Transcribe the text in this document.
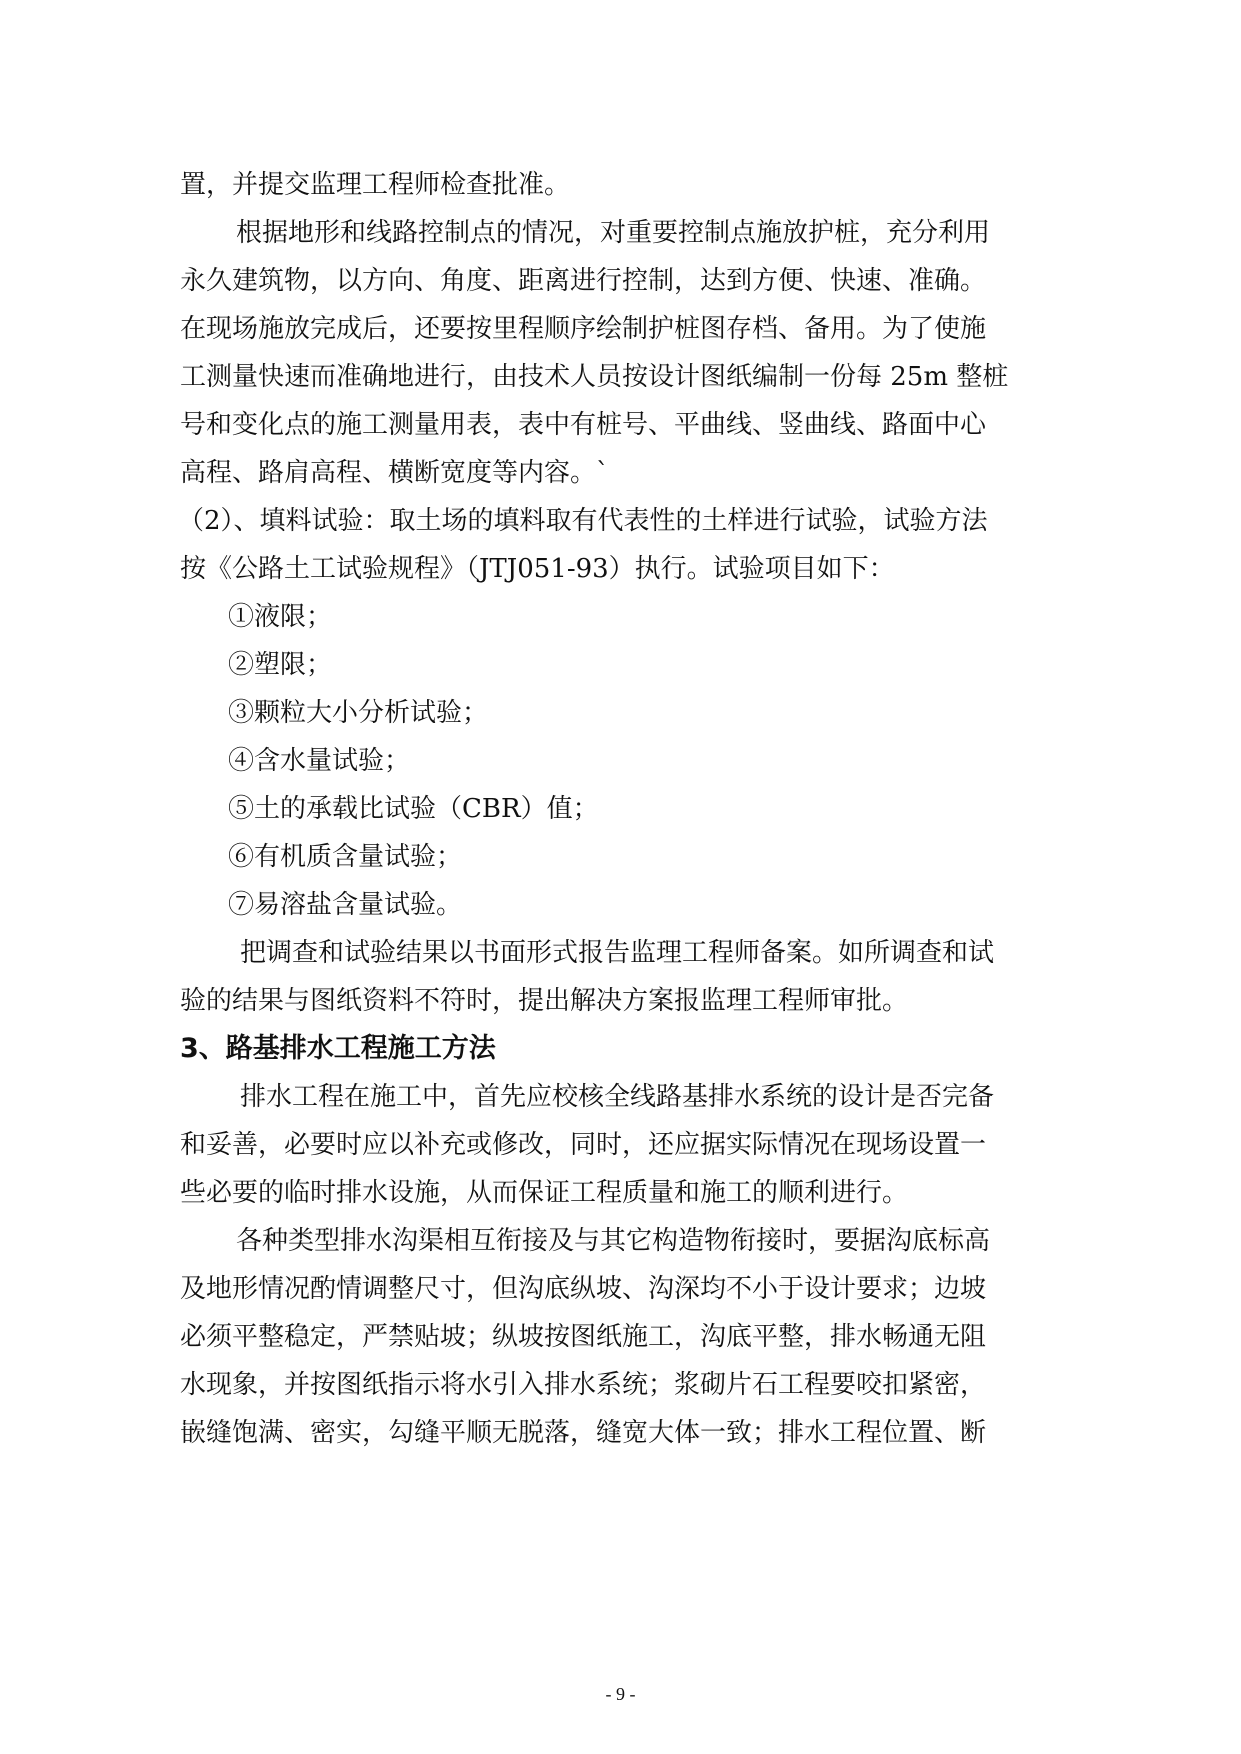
置，并提交监理工程师检查批准。
根据地形和线路控制点的情况，对重要控制点施放护桩，充分利用
永久建筑物，以方向、角度、距离进行控制，达到方便、快速、准确。
在现场施放完成后，还要按里程顺序绘制护桩图存档、备用。为了使施
工测量快速而准确地进行，由技术人员按设计图纸编制一份每 25m 整桩
号和变化点的施工测量用表，表中有桩号、平曲线、竖曲线、路面中心
高程、路肩高程、横断宽度等内容。`
（2）、填料试验：取土场的填料取有代表性的土样进行试验，试验方法
按《公路土工试验规程》（JTJ051-93）执行。试验项目如下：
①液限；
②塑限；
③颗粒大小分析试验；
④含水量试验；
⑤土的承载比试验（CBR）值；
⑥有机质含量试验；
⑦易溶盐含量试验。
把调查和试验结果以书面形式报告监理工程师备案。如所调查和试
验的结果与图纸资料不符时，提出解决方案报监理工程师审批。
3、路基排水工程施工方法
排水工程在施工中，首先应校核全线路基排水系统的设计是否完备
和妥善，必要时应以补充或修改，同时，还应据实际情况在现场设置一
些必要的临时排水设施，从而保证工程质量和施工的顺利进行。
各种类型排水沟渠相互衔接及与其它构造物衔接时，要据沟底标高
及地形情况酌情调整尺寸，但沟底纵坡、沟深均不小于设计要求；边坡
必须平整稳定，严禁贴坡；纵坡按图纸施工，沟底平整，排水畅通无阻
水现象，并按图纸指示将水引入排水系统；浆砌片石工程要咬扣紧密，
嵌缝饱满、密实，勾缝平顺无脱落，缝宽大体一致；排水工程位置、断
- 9 -
